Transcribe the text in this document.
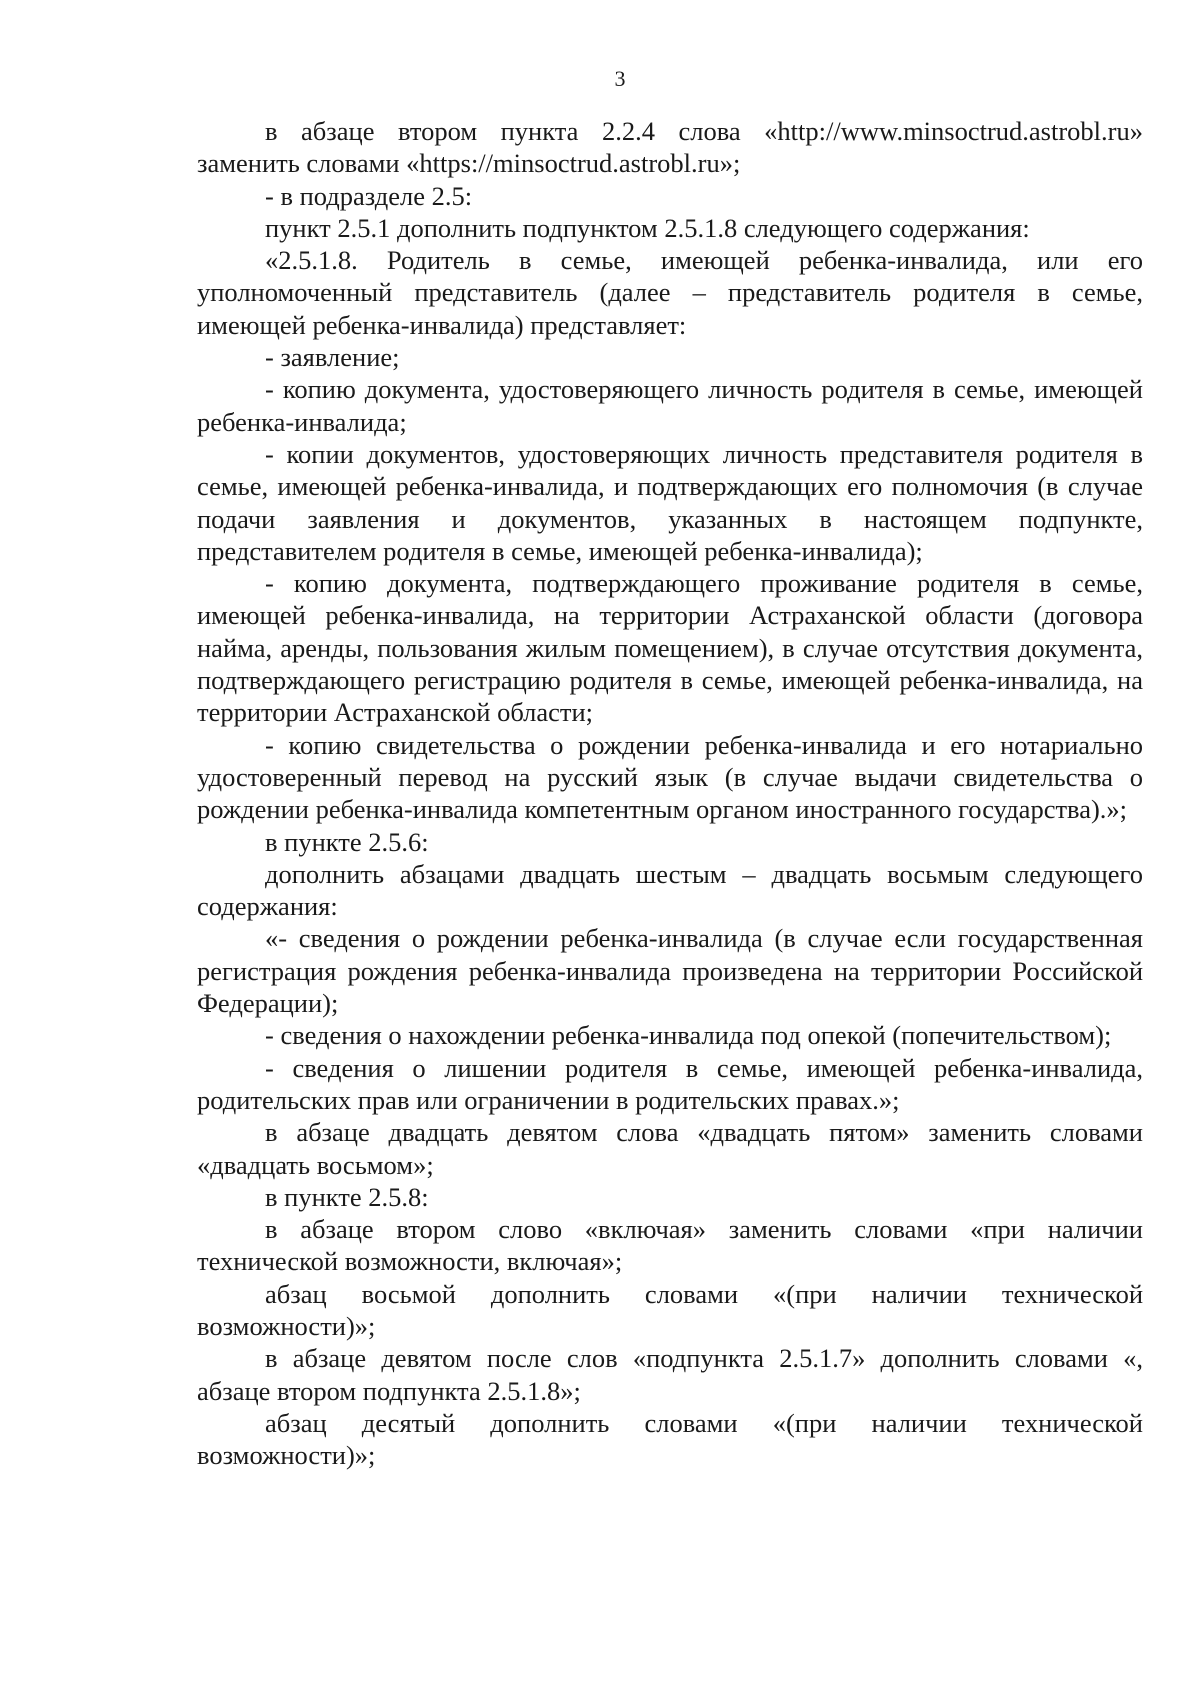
3

в абзаце втором пункта 2.2.4 слова «http://www.minsoctrud.astrobl.ru» заменить словами «https://minsoctrud.astrobl.ru»;

- в подразделе 2.5:

пункт 2.5.1 дополнить подпунктом 2.5.1.8 следующего содержания:

«2.5.1.8. Родитель в семье, имеющей ребенка-инвалида, или его уполномоченный представитель (далее – представитель родителя в семье, имеющей ребенка-инвалида) представляет:

- заявление;

- копию документа, удостоверяющего личность родителя в семье, имеющей ребенка-инвалида;

- копии документов, удостоверяющих личность представителя родителя в семье, имеющей ребенка-инвалида, и подтверждающих его полномочия (в случае подачи заявления и документов, указанных в настоящем подпункте, представителем родителя в семье, имеющей ребенка-инвалида);

- копию документа, подтверждающего проживание родителя в семье, имеющей ребенка-инвалида, на территории Астраханской области (договора найма, аренды, пользования жилым помещением), в случае отсутствия документа, подтверждающего регистрацию родителя в семье, имеющей ребенка-инвалида, на территории Астраханской области;

- копию свидетельства о рождении ребенка-инвалида и его нотариально удостоверенный перевод на русский язык (в случае выдачи свидетельства о рождении ребенка-инвалида компетентным органом иностранного государства).»;

в пункте 2.5.6:

дополнить абзацами двадцать шестым – двадцать восьмым следующего содержания:

«- сведения о рождении ребенка-инвалида (в случае если государственная регистрация рождения ребенка-инвалида произведена на территории Российской Федерации);

- сведения о нахождении ребенка-инвалида под опекой (попечительством);

- сведения о лишении родителя в семье, имеющей ребенка-инвалида, родительских прав или ограничении в родительских правах.»;

в абзаце двадцать девятом слова «двадцать пятом» заменить словами «двадцать восьмом»;

в пункте 2.5.8:

в абзаце втором слово «включая» заменить словами «при наличии технической возможности, включая»;

абзац восьмой дополнить словами «(при наличии технической возможности)»;

в абзаце девятом после слов «подпункта 2.5.1.7» дополнить словами «, абзаце втором подпункта 2.5.1.8»;

абзац десятый дополнить словами «(при наличии технической возможности)»;
